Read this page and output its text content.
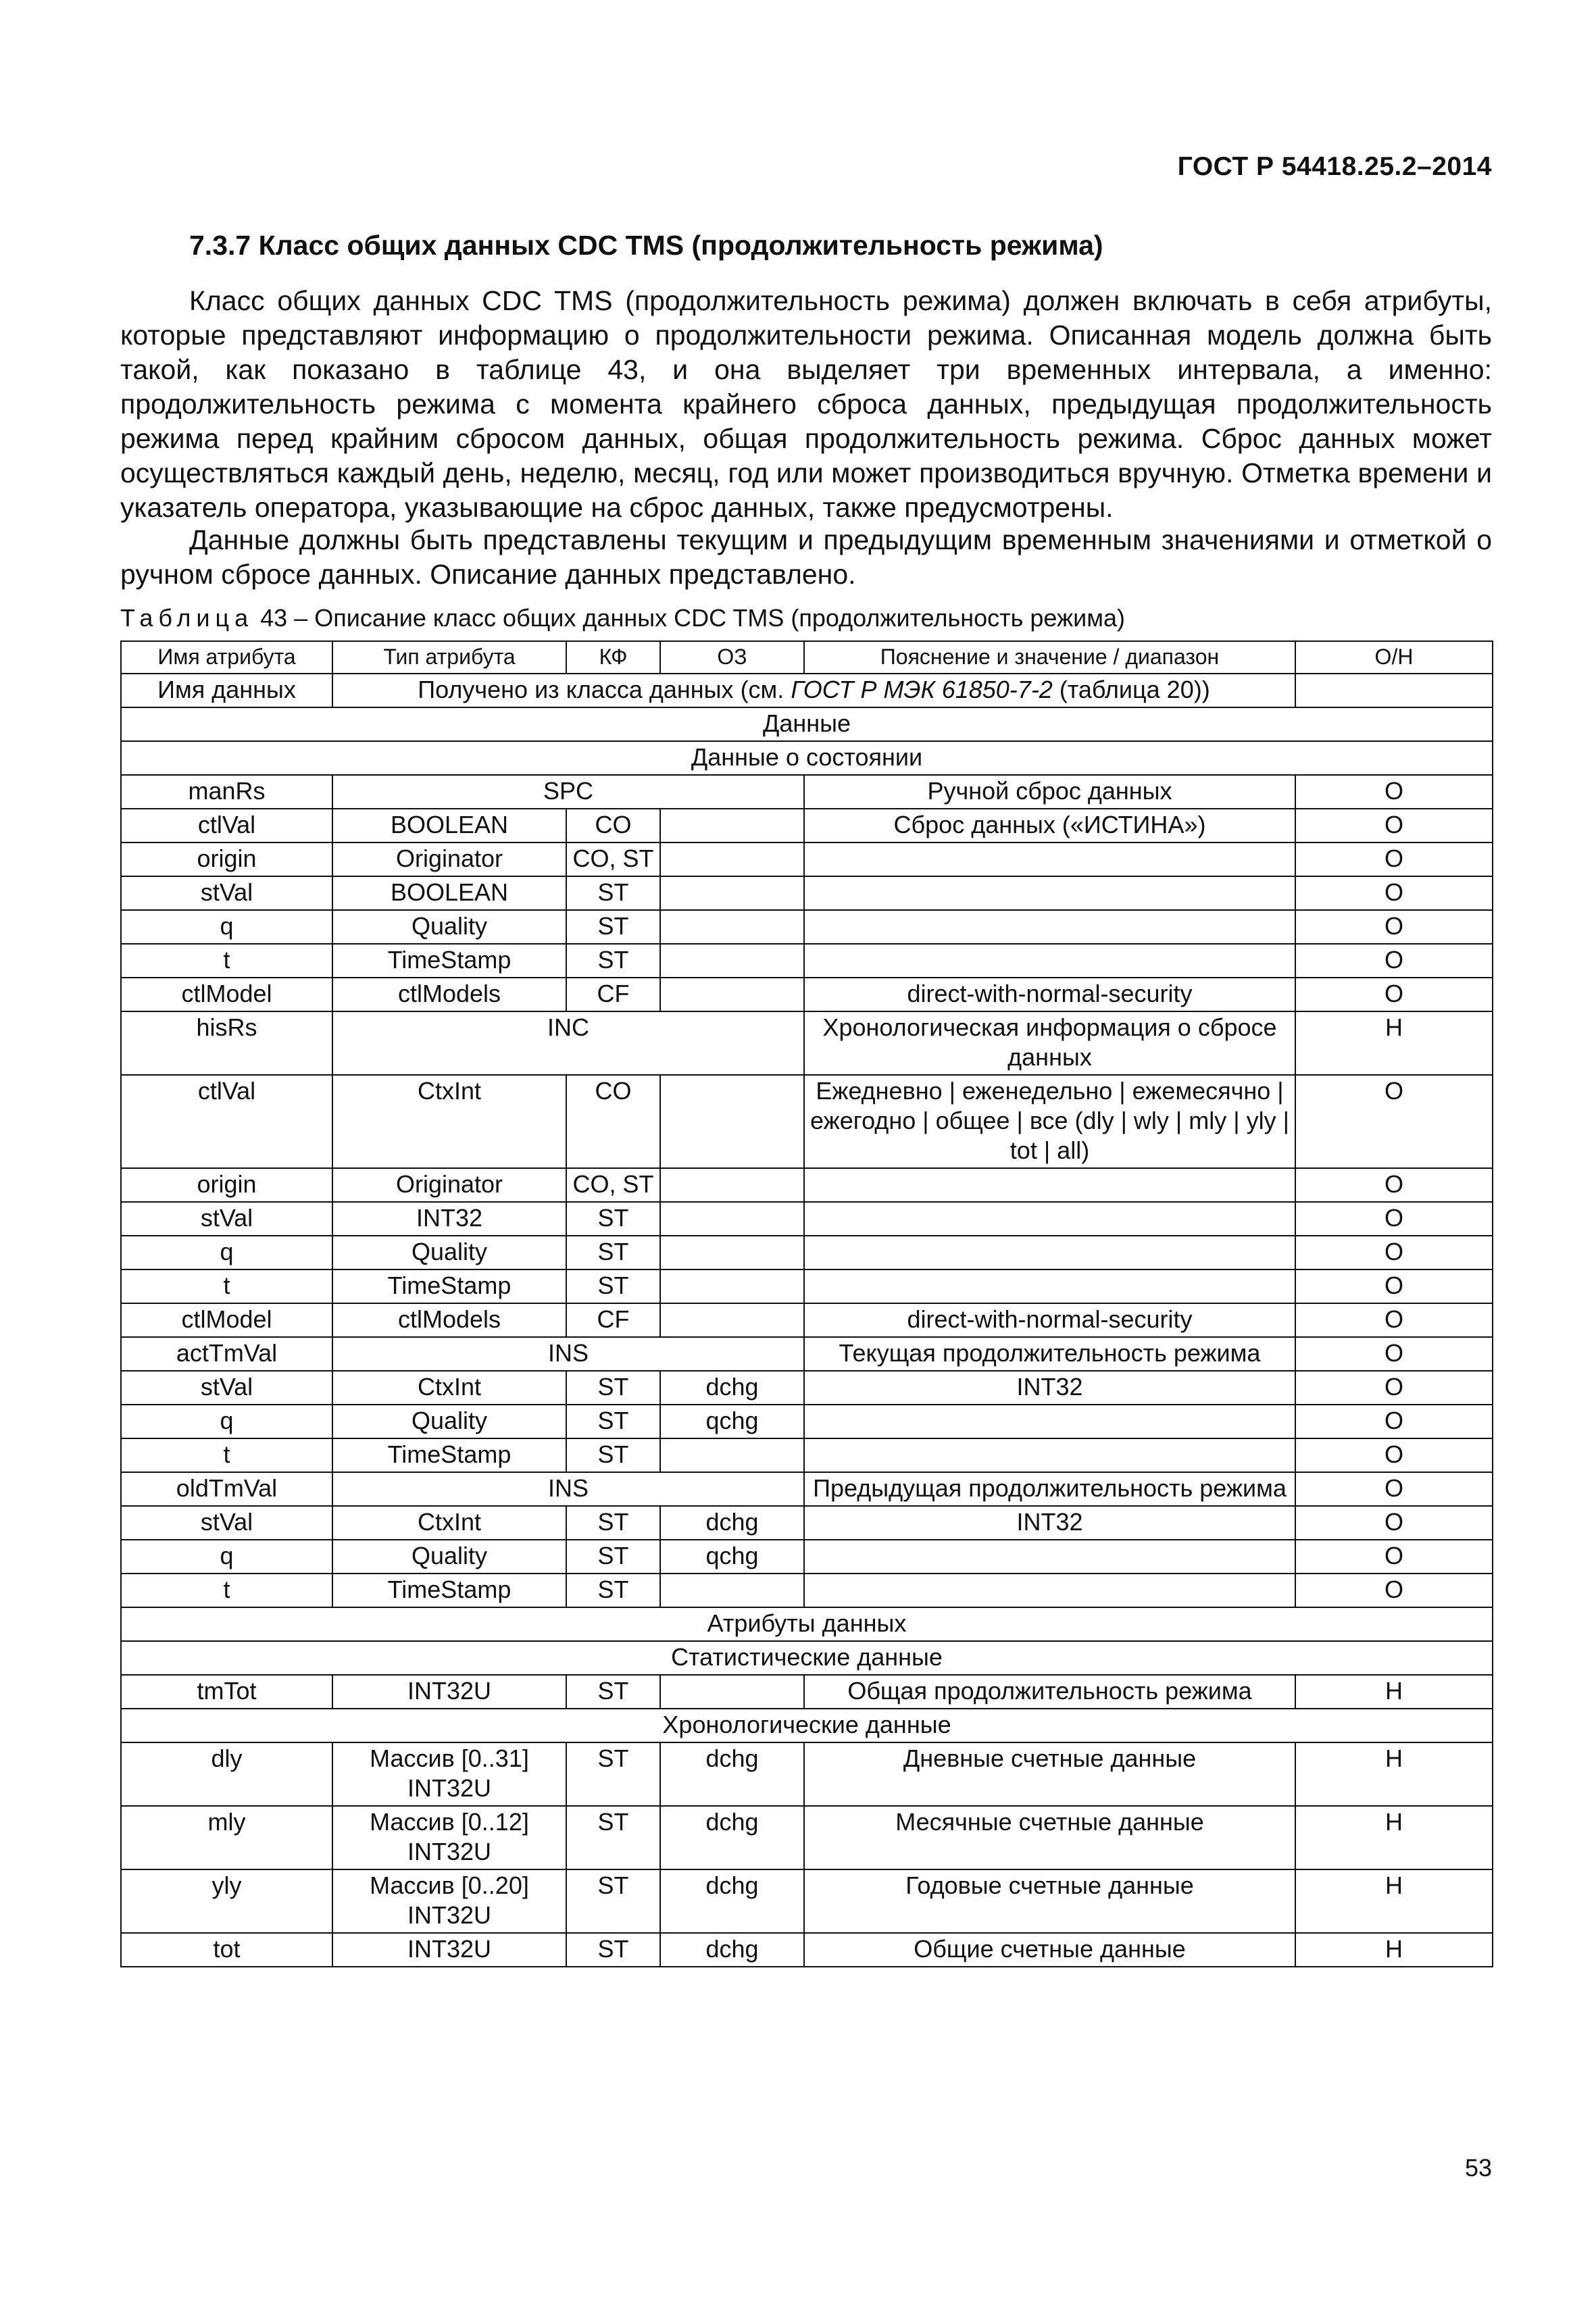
ГОСТ Р 54418.25.2–2014
7.3.7 Класс общих данных CDC TMS (продолжительность режима)

Класс общих данных CDC TMS (продолжительность режима) должен включать в себя атрибуты, которые представляют информацию о продолжительности режима. Описанная модель должна быть такой, как показано в таблице 43, и она выделяет три временных интервала, а именно: продолжительность режима с момента крайнего сброса данных, предыдущая продолжительность режима перед крайним сбросом данных, общая продолжительность режима. Сброс данных может осуществляться каждый день, неделю, месяц, год или может производиться вручную. Отметка времени и указатель оператора, указывающие на сброс данных, также предусмотрены.

Данные должны быть представлены текущим и предыдущим временным значениями и отметкой о ручном сбросе данных. Описание данных представлено.

Таблица 43 – Описание класс общих данных CDC TMS (продолжительность режима)
Имя атрибута	Тип атрибута	КФ	ОЗ	Пояснение и значение / диапазон	О/Н
Имя данных	Получено из класса данных (см. ГОСТ Р МЭК 61850-7-2 (таблица 20))				
Данные					
Данные о состоянии					
manRs	SPC			Ручной сброс данных	О
ctlVal	BOOLEAN	CO		Сброс данных («ИСТИНА»)	О
origin	Originator	CO, ST			О
stVal	BOOLEAN	ST			О
q	Quality	ST			О
t	TimeStamp	ST			О
ctlModel	ctlModels	CF		direct-with-normal-security	О
hisRs	INC			Хронологическая информация о сбросе данных	Н
ctlVal	CtxInt	CO		Ежедневно | еженедельно | ежемесячно | ежегодно | общее | все (dly | wly | mly | yly | tot | all)	О
origin	Originator	CO, ST			О
stVal	INT32	ST			О
q	Quality	ST			О
t	TimeStamp	ST			О
ctlModel	ctlModels	CF		direct-with-normal-security	О
actTmVal	INS			Текущая продолжительность режима	О
stVal	CtxInt	ST	dchg	INT32	О
q	Quality	ST	qchg		О
t	TimeStamp	ST			О
oldTmVal	INS			Предыдущая продолжительность режима	О
stVal	CtxInt	ST	dchg	INT32	О
q	Quality	ST	qchg		О
t	TimeStamp	ST			О
Атрибуты данных					
Статистические данные					
tmTot	INT32U	ST		Общая продолжительность режима	Н
Хронологические данные					
dly	Массив [0..31] INT32U	ST	dchg	Дневные счетные данные	Н
mly	Массив [0..12] INT32U	ST	dchg	Месячные счетные данные	Н
yly	Массив [0..20] INT32U	ST	dchg	Годовые счетные данные	Н
tot	INT32U	ST	dchg	Общие счетные данные	Н
53
